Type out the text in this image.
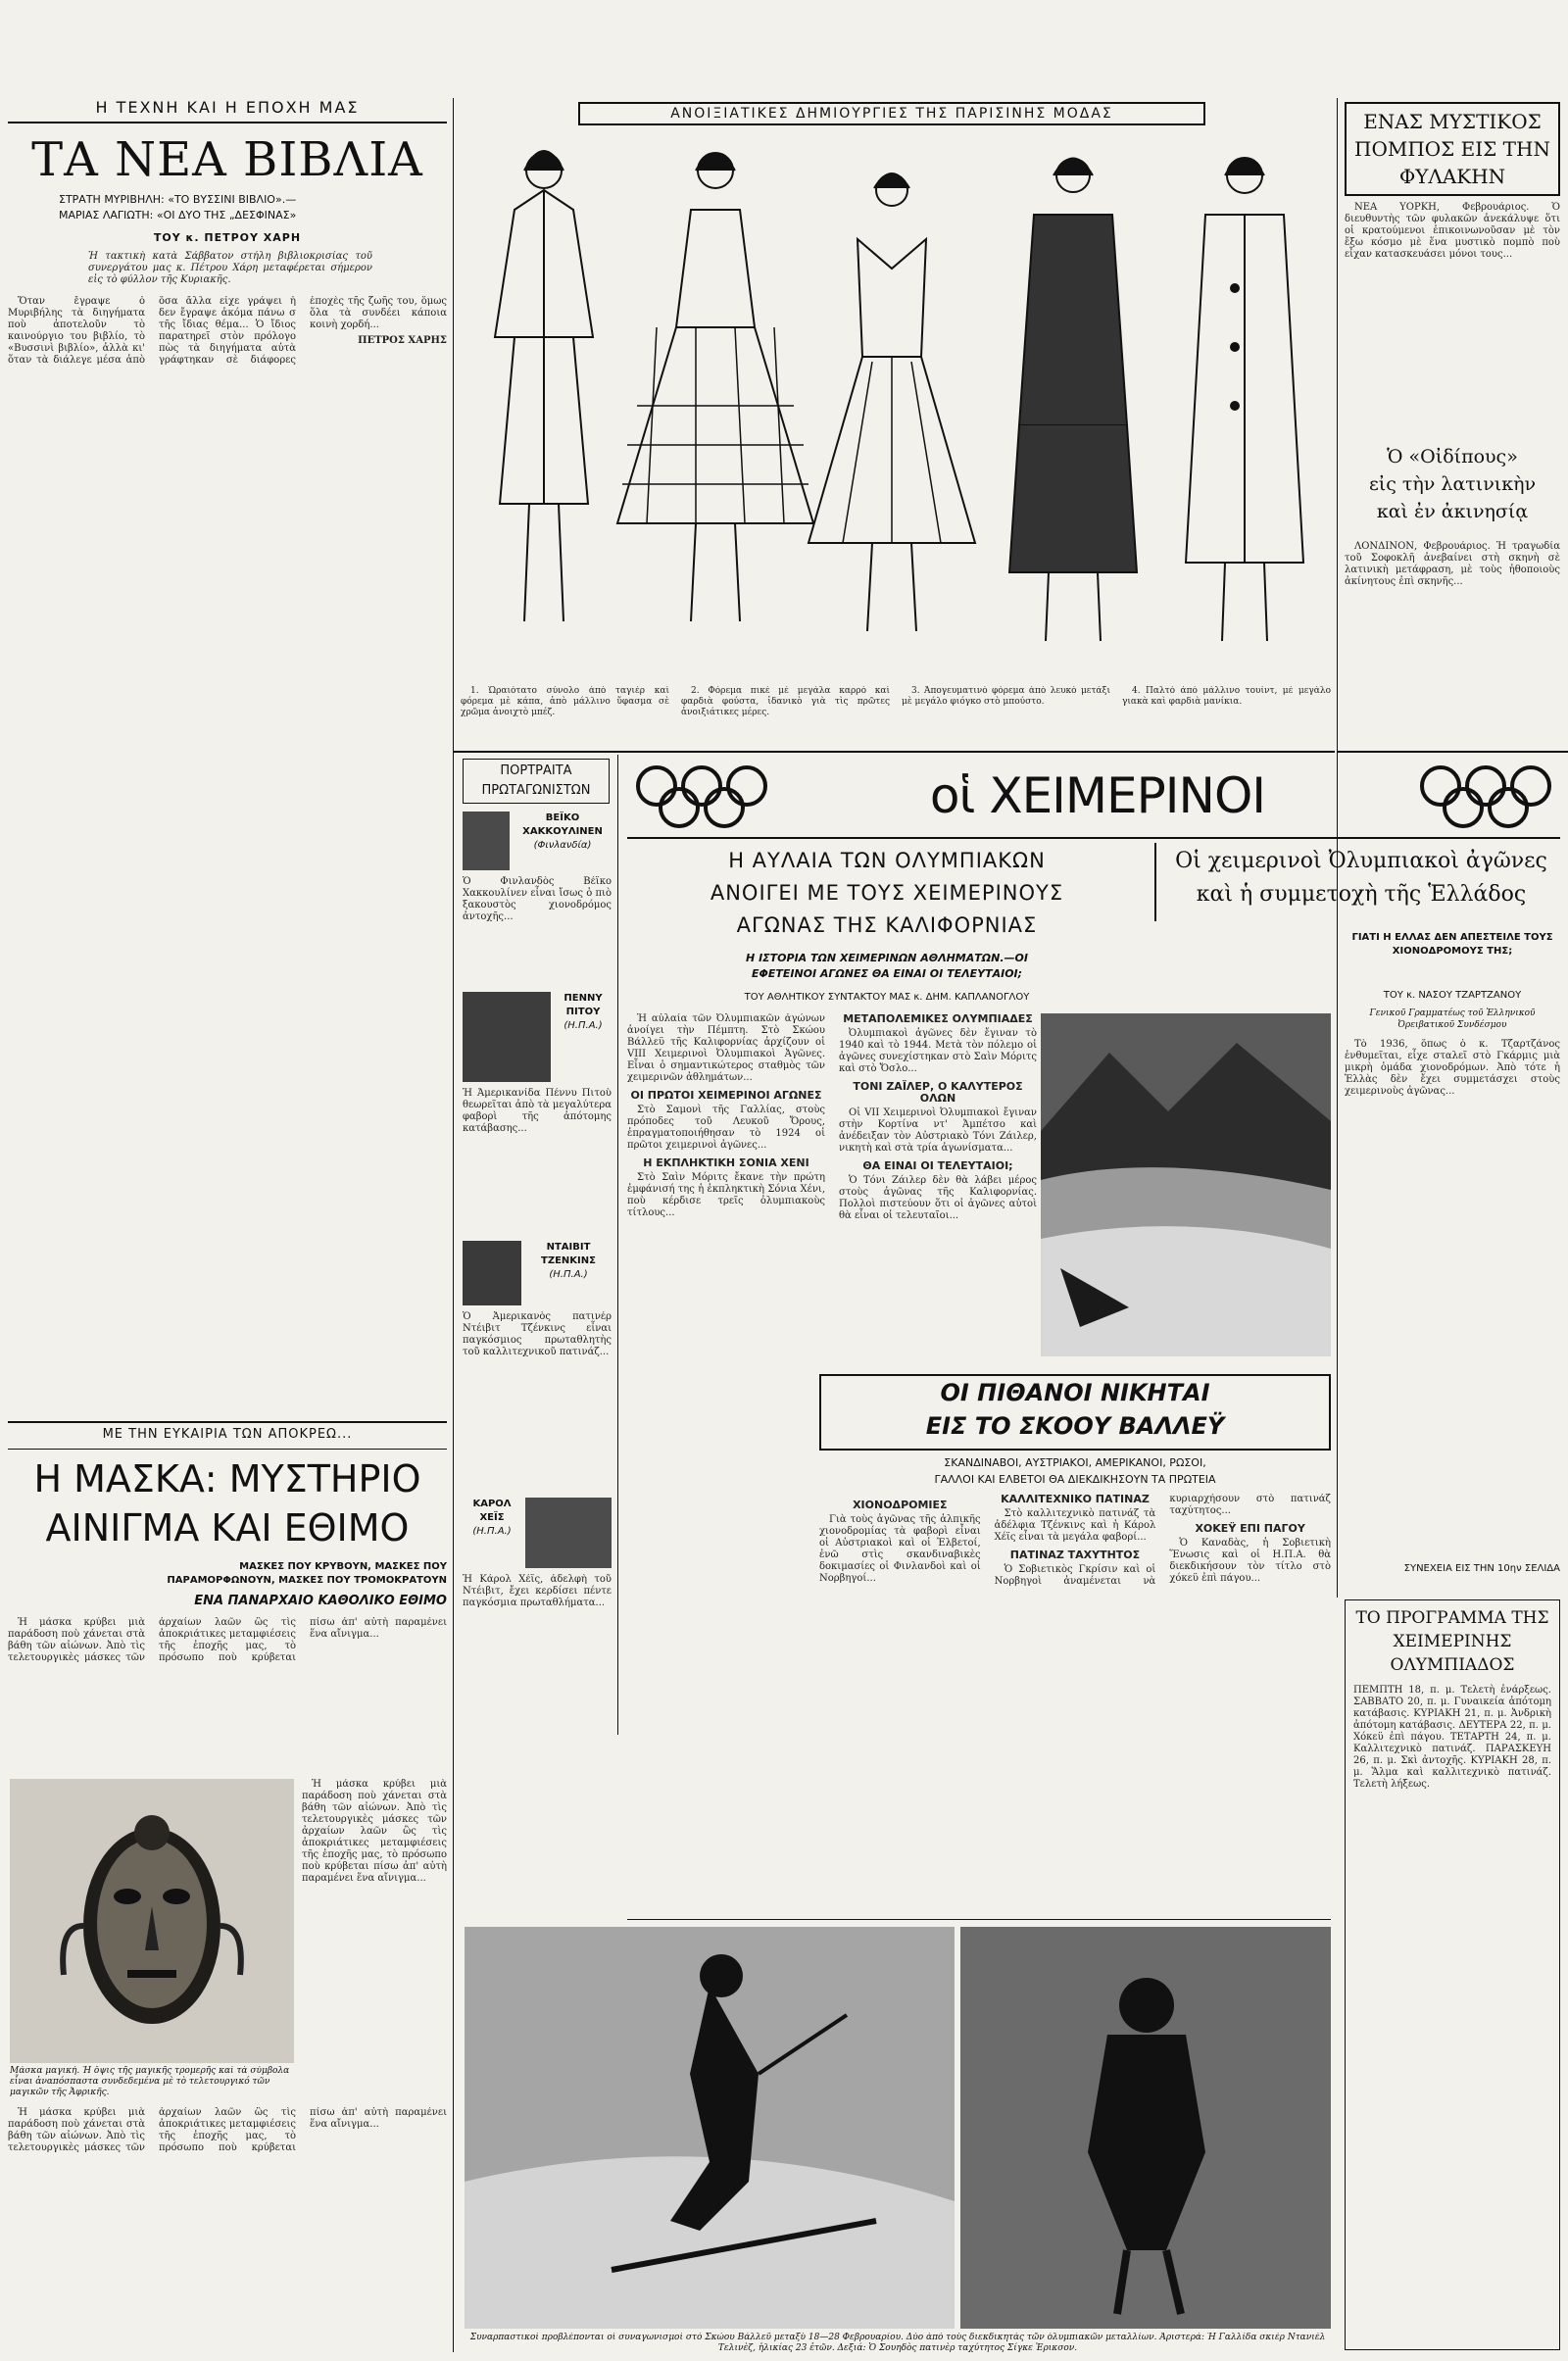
Η ΤΕΧΝΗ ΚΑΙ Η ΕΠΟΧΗ ΜΑΣ
ΤΑ ΝΕΑ ΒΙΒΛΙΑ
ΣΤΡΑΤΗ ΜΥΡΙΒΗΛΗ: «ΤΟ ΒΥΣΣΙΝΙ ΒΙΒΛΙΟ».—
ΜΑΡΙΑΣ ΛΑΓΙΩΤΗ: «ΟΙ ΔΥΟ ΤΗΣ „ΔΕΣΦΙΝΑΣ»
ΤΟΥ κ. ΠΕΤΡΟΥ ΧΑΡΗ
Ἡ τακτικὴ κατὰ Σάββατον στήλη βιβλιοκρισίας τοῦ συνεργάτου μας κ. Πέτρου Χάρη μεταφέρεται σήμερον εἰς τὸ φύλλον τῆς Κυριακῆς.

Ὅταν ἔγραψε ὁ Μυριβήλης τὰ διηγήματα ποὺ ἀποτελοῦν τὸ καινούργιο του βιβλίο, τὸ «Βυσσινὶ βιβλίο», ἀλλὰ κι' ὅταν τὰ διάλεγε μέσα ἀπὸ ὅσα ἄλλα εἶχε γράψει ἡ δεν ἔγραψε ἀκόμα πάνω σ τῆς ἴδιας θέμα... Ὁ ἴδιος παρατηρεῖ στὸν πρόλογο πὼς τὰ διηγήματα αὐτὰ γράφτηκαν σὲ διάφορες ἐποχὲς τῆς ζωῆς του, ὅμως ὅλα τὰ συνδέει κάποια κοινὴ χορδή...

ΠΕΤΡΟΣ ΧΑΡΗΣ

ΜΕ ΤΗΝ ΕΥΚΑΙΡΙΑ ΤΩΝ ΑΠΟΚΡΕΩ...
Η ΜΑΣΚΑ: ΜΥΣΤΗΡΙΟ
ΑΙΝΙΓΜΑ ΚΑΙ ΕΘΙΜΟ
ΜΑΣΚΕΣ ΠΟΥ ΚΡΥΒΟΥΝ, ΜΑΣΚΕΣ ΠΟΥ ΠΑΡΑΜΟΡΦΩΝΟΥΝ, ΜΑΣΚΕΣ ΠΟΥ ΤΡΟΜΟΚΡΑΤΟΥΝ
ΕΝΑ ΠΑΝΑΡΧΑΙΟ ΚΑΘΟΛΙΚΟ ΕΘΙΜΟ

Ἡ μάσκα κρύβει μιὰ παράδοση ποὺ χάνεται στὰ βάθη τῶν αἰώνων. Ἀπὸ τὶς τελετουργικὲς μάσκες τῶν ἀρχαίων λαῶν ὣς τὶς ἀποκριάτικες μεταμφιέσεις τῆς ἐποχῆς μας, τὸ πρόσωπο ποὺ κρύβεται πίσω ἀπ' αὐτὴ παραμένει ἕνα αἴνιγμα...

Ἡ μάσκα κρύβει μιὰ παράδοση ποὺ χάνεται στὰ βάθη τῶν αἰώνων. Ἀπὸ τὶς τελετουργικὲς μάσκες τῶν ἀρχαίων λαῶν ὣς τὶς ἀποκριάτικες μεταμφιέσεις τῆς ἐποχῆς μας, τὸ πρόσωπο ποὺ κρύβεται πίσω ἀπ' αὐτὴ παραμένει ἕνα αἴνιγμα...

Μάσκα μαγική. Ἡ ὄψις τῆς μαγικῆς τρομερῆς καὶ τὰ σύμβολα εἶναι ἀναπόσπαστα συνδεδεμένα μὲ τὸ τελετουργικό τῶν μαγικῶν τῆς Ἀφρικῆς.

Ἡ μάσκα κρύβει μιὰ παράδοση ποὺ χάνεται στὰ βάθη τῶν αἰώνων. Ἀπὸ τὶς τελετουργικὲς μάσκες τῶν ἀρχαίων λαῶν ὣς τὶς ἀποκριάτικες μεταμφιέσεις τῆς ἐποχῆς μας, τὸ πρόσωπο ποὺ κρύβεται πίσω ἀπ' αὐτὴ παραμένει ἕνα αἴνιγμα...

ΑΝΟΙΞΙΑΤΙΚΕΣ ΔΗΜΙΟΥΡΓΙΕΣ ΤΗΣ ΠΑΡΙΣΙΝΗΣ ΜΟΔΑΣ

1. Ὡραιότατο σύνολο ἀπὸ ταγιὲρ καὶ φόρεμα μὲ κάπα, ἀπὸ μάλλινο ὕφασμα σὲ χρῶμα ἀνοιχτὸ μπέζ.

2. Φόρεμα πικέ μὲ μεγάλα καρρὸ καὶ φαρδιὰ φούστα, ἰδανικὸ γιὰ τὶς πρῶτες ἀνοιξιάτικες μέρες.

3. Ἀπογευματινὸ φόρεμα ἀπὸ λευκὸ μετάξι μὲ μεγάλο φιόγκο στὸ μπούστο.

4. Παλτὸ ἀπὸ μάλλινο τουίντ, μὲ μεγάλο γιακὰ καὶ φαρδιὰ μανίκια.

ΕΝΑΣ ΜΥΣΤΙΚΟΣ ΠΟΜΠΟΣ ΕΙΣ ΤΗΝ ΦΥΛΑΚΗΝ

ΝΕΑ ΥΟΡΚΗ, Φεβρουάριος. Ὁ διευθυντὴς τῶν φυλακῶν ἀνεκάλυψε ὅτι οἱ κρατούμενοι ἐπικοινωνοῦσαν μὲ τὸν ἔξω κόσμο μὲ ἕνα μυστικὸ πομπὸ ποὺ εἶχαν κατασκευάσει μόνοι τους...

Ὁ «Οἰδίπους»
εἰς τὴν λατινικὴν
καὶ ἐν ἀκινησίᾳ

ΛΟΝΔΙΝΟΝ, Φεβρουάριος. Ἡ τραγωδία τοῦ Σοφοκλῆ ἀνεβαίνει στὴ σκηνὴ σὲ λατινικὴ μετάφραση, μὲ τοὺς ἠθοποιοὺς ἀκίνητους ἐπὶ σκηνῆς...

ΠΟΡΤΡΑΙΤΑ ΠΡΩΤΑΓΩΝΙΣΤΩΝ
ΒΕΪΚΟ ΧΑΚΚΟΥΛΙΝΕΝ
(Φινλανδία)
Ὁ Φινλανδὸς Βέϊκο Χακκουλίνεν εἶναι ἴσως ὁ πιὸ ξακουστὸς χιονοδρόμος ἀντοχῆς...
ΠΕΝΝΥ ΠΙΤΟΥ
(Η.Π.Α.)
Ἡ Ἀμερικανίδα Πέννυ Πιτοὺ θεωρεῖται ἀπὸ τὰ μεγαλύτερα φαβορὶ τῆς ἀπότομης κατάβασης...
ΝΤΑΙΒΙΤ ΤΖΕΝΚΙΝΣ
(Η.Π.Α.)
Ὁ Ἀμερικανὸς πατινέρ Ντέιβιτ Τζένκινς εἶναι παγκόσμιος πρωταθλητὴς τοῦ καλλιτεχνικοῦ πατινάζ...
ΚΑΡΟΛ ΧΕΪΣ
(Η.Π.Α.)
Ἡ Κάρολ Χέϊς, ἀδελφὴ τοῦ Ντέιβιτ, ἔχει κερδίσει πέντε παγκόσμια πρωταθλήματα...
οἱ ΧΕΙΜΕΡΙΝΟΙ
Η ΑΥΛΑΙΑ ΤΩΝ ΟΛΥΜΠΙΑΚΩΝ
ΑΝΟΙΓΕΙ ΜΕ ΤΟΥΣ ΧΕΙΜΕΡΙΝΟΥΣ
ΑΓΩΝΑΣ ΤΗΣ ΚΑΛΙΦΟΡΝΙΑΣ
Οἱ χειμερινοὶ Ὀλυμπιακοὶ ἀγῶνες
καὶ ἡ συμμετοχὴ τῆς Ἑλλάδος
Η ΙΣΤΟΡΙΑ ΤΩΝ ΧΕΙΜΕΡΙΝΩΝ ΑΘΛΗΜΑΤΩΝ.—ΟΙ
ΕΦΕΤΕΙΝΟΙ ΑΓΩΝΕΣ ΘΑ ΕΙΝΑΙ ΟΙ ΤΕΛΕΥΤΑΙΟΙ;
ΤΟΥ ΑΘΛΗΤΙΚΟΥ ΣΥΝΤΑΚΤΟΥ ΜΑΣ κ. ΔΗΜ. ΚΑΠΛΑΝΟΓΛΟΥ

Ἡ αὐλαία τῶν Ὀλυμπιακῶν ἀγώνων ἀνοίγει τὴν Πέμπτη. Στὸ Σκώου Βάλλεϋ τῆς Καλιφορνίας ἀρχίζουν οἱ VIII Χειμερινοὶ Ὀλυμπιακοὶ Ἀγῶνες. Εἶναι ὁ σημαντικώτερος σταθμὸς τῶν χειμερινῶν ἀθλημάτων...

ΟΙ ΠΡΩΤΟΙ ΧΕΙΜΕΡΙΝΟΙ ΑΓΩΝΕΣ

Στὸ Σαμονὶ τῆς Γαλλίας, στοὺς πρόποδες τοῦ Λευκοῦ Ὄρους, ἐπραγματοποιήθησαν τὸ 1924 οἱ πρῶτοι χειμερινοὶ ἀγῶνες...

Η ΕΚΠΛΗΚΤΙΚΗ ΣΟΝΙΑ ΧΕΝΙ

Στὸ Σαὶν Μόριτς ἔκανε τὴν πρώτη ἐμφάνισή της ἡ ἐκπληκτικὴ Σόνια Χένι, ποὺ κέρδισε τρεῖς ὀλυμπιακοὺς τίτλους...

ΜΕΤΑΠΟΛΕΜΙΚΕΣ ΟΛΥΜΠΙΑΔΕΣ

Ὀλυμπιακοὶ ἀγῶνες δὲν ἔγιναν τὸ 1940 καὶ τὸ 1944. Μετὰ τὸν πόλεμο οἱ ἀγῶνες συνεχίστηκαν στὸ Σαὶν Μόριτς καὶ στὸ Ὄσλο...

ΤΟΝΙ ΖΑΪΛΕΡ, Ο ΚΑΛΥΤΕΡΟΣ ΟΛΩΝ

Οἱ VII Χειμερινοὶ Ὀλυμπιακοὶ ἔγιναν στὴν Κορτίνα ντ' Ἀμπέτσο καὶ ἀνέδειξαν τὸν Αὐστριακὸ Τόνι Ζάιλερ, νικητὴ καὶ στὰ τρία ἀγωνίσματα...

ΘΑ ΕΙΝΑΙ ΟΙ ΤΕΛΕΥΤΑΙΟΙ;

Ὁ Τόνι Ζάιλερ δὲν θὰ λάβει μέρος στοὺς ἀγῶνας τῆς Καλιφορνίας. Πολλοὶ πιστεύουν ὅτι οἱ ἀγῶνες αὐτοὶ θὰ εἶναι οἱ τελευταῖοι...

ΓΙΑΤΙ Η ΕΛΛΑΣ ΔΕΝ ΑΠΕΣΤΕΙΛΕ ΤΟΥΣ ΧΙΟΝΟΔΡΟΜΟΥΣ ΤΗΣ;
ΤΟΥ κ. ΝΑΣΟΥ ΤΖΑΡΤΖΑΝΟΥ
Γενικοῦ Γραμματέως τοῦ Ἑλληνικοῦ Ὀρειβατικοῦ Συνδέσμου

Τὸ 1936, ὅπως ὁ κ. Τζαρτζάνος ἐνθυμεῖται, εἶχε σταλεῖ στὸ Γκάρμις μιὰ μικρὴ ὁμάδα χιονοδρόμων. Ἀπὸ τότε ἡ Ἑλλὰς δὲν ἔχει συμμετάσχει στοὺς χειμερινοὺς ἀγῶνας...

ΣΥΝΕΧΕΙΑ ΕΙΣ ΤΗΝ 10ην ΣΕΛΙΔΑ
ΤΟ ΠΡΟΓΡΑΜΜΑ ΤΗΣ ΧΕΙΜΕΡΙΝΗΣ ΟΛΥΜΠΙΑΔΟΣ
ΠΕΜΠΤΗ 18, π. μ. Τελετὴ ἐνάρξεως. ΣΑΒΒΑΤΟ 20, π. μ. Γυναικεία ἀπότομη κατάβασις. ΚΥΡΙΑΚΗ 21, π. μ. Ἀνδρικὴ ἀπότομη κατάβασις. ΔΕΥΤΕΡΑ 22, π. μ. Χόκεϋ ἐπὶ πάγου. ΤΕΤΑΡΤΗ 24, π. μ. Καλλιτεχνικὸ πατινάζ. ΠΑΡΑΣΚΕΥΗ 26, π. μ. Σκὶ ἀντοχῆς. ΚΥΡΙΑΚΗ 28, π. μ. Ἅλμα καὶ καλλιτεχνικὸ πατινάζ. Τελετὴ λήξεως.
ΟΙ ΠΙΘΑΝΟΙ ΝΙΚΗΤΑΙ
ΕΙΣ ΤΟ ΣΚΟΟΥ ΒΑΛΛΕΫ
ΣΚΑΝΔΙΝΑΒΟΙ, ΑΥΣΤΡΙΑΚΟΙ, ΑΜΕΡΙΚΑΝΟΙ, ΡΩΣΟΙ,
ΓΑΛΛΟΙ ΚΑΙ ΕΛΒΕΤΟΙ ΘΑ ΔΙΕΚΔΙΚΗΣΟΥΝ ΤΑ ΠΡΩΤΕΙΑ
ΧΙΟΝΟΔΡΟΜΙΕΣ

Γιὰ τοὺς ἀγῶνας τῆς ἀλπικῆς χιονοδρομίας τὰ φαβορὶ εἶναι οἱ Αὐστριακοὶ καὶ οἱ Ἑλβετοί, ἐνῶ στὶς σκανδιναβικὲς δοκιμασίες οἱ Φινλανδοὶ καὶ οἱ Νορβηγοί...

ΚΑΛΛΙΤΕΧΝΙΚΟ ΠΑΤΙΝΑΖ

Στὸ καλλιτεχνικὸ πατινάζ τὰ ἀδέλφια Τζένκινς καὶ ἡ Κάρολ Χέϊς εἶναι τὰ μεγάλα φαβορί...

ΠΑΤΙΝΑΖ ΤΑΧΥΤΗΤΟΣ

Ὁ Σοβιετικὸς Γκρίσιν καὶ οἱ Νορβηγοὶ ἀναμένεται νὰ κυριαρχήσουν στὸ πατινάζ ταχύτητος...

ΧΟΚΕΫ ΕΠΙ ΠΑΓΟΥ

Ὁ Καναδὰς, ἡ Σοβιετικὴ Ἕνωσις καὶ οἱ Η.Π.Α. θὰ διεκδικήσουν τὸν τίτλο στὸ χόκεϋ ἐπὶ πάγου...

Συναρπαστικοὶ προβλέπονται οἱ συναγωνισμοὶ στὸ Σκώου Βάλλεϋ μεταξὺ 18—28 Φεβρουαρίου. Δύο ἀπὸ τοὺς διεκδικητὰς τῶν ὀλυμπιακῶν μεταλλίων. Ἀριστερά: Ἡ Γαλλίδα σκιὲρ Ντανιὲλ Τελινὲζ, ἡλικίας 23 ἐτῶν. Δεξιά: Ὁ Σουηδὸς πατινὲρ ταχύτητος Σίγκε Ἐρικσον.
